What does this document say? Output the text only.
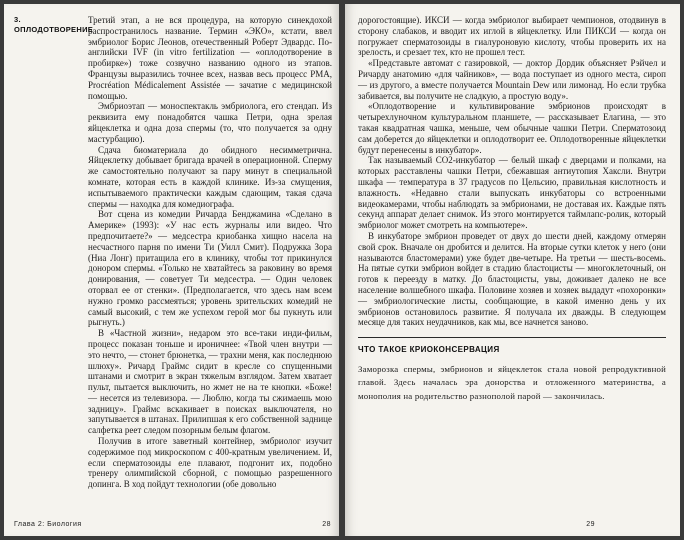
3.
ОПЛОДОТВОРЕНИЕ

Третий этап, а не вся процедура, на которую синекдохой распространилось название. Термин «ЭКО», кстати, ввел эмбриолог Борис Леонов, отечественный Роберт Эдвардс. По-английски IVF (in vitro fertilization — «оплодотворение в пробирке») тоже созвучно названию одного из этапов. Французы выразились точнее всех, назвав весь процесс PMA, Procréation Médicalement Assistée — зачатие с медицинской помощью.

Эмбриоэтап — моноспектакль эмбриолога, его стендап. Из реквизита ему понадобятся чашка Петри, одна зрелая яйцеклетка и одна доза спермы (то, что получается за одну мастурбацию).

Сдача биоматериала до обидного несимметрична. Яйцеклетку добывает бригада врачей в операционной. Сперму же самостоятельно получают за пару минут в специальной комнате, которая есть в каждой клинике. Из-за смущения, испытываемого практически каждым сдающим, такая сдача спермы — находка для комедиографа.

Вот сцена из комедии Ричарда Бенджамина «Сделано в Америке» (1993): «У нас есть журналы или видео. Что предпочитаете?» — медсестра криобанка хищно насела на несчастного парня по имени Ти (Уилл Смит). Подружка Зора (Ниа Лонг) притащила его в клинику, чтобы тот прикинулся донором спермы. «Только не хватайтесь за раковину во время донирования, — советует Ти медсестра. — Один человек оторвал ее от стенки». (Предполагается, что здесь нам всем нужно громко рассмеяться; уровень зрительских комедий не самый высокий, с тем же успехом герой мог бы пукнуть или рыгнуть.)

В «Частной жизни», недаром это все-таки инди-фильм, процесс показан тоньше и ироничнее: «Твой член внутри — это нечто, — стонет брюнетка, — трахни меня, как последнюю шлюху». Ричард Граймс сидит в кресле со спущенными штанами и смотрит в экран тяжелым взглядом. Затем хватает пульт, пытается выключить, но жмет не на те кнопки. «Боже! — несется из телевизора. — Люблю, когда ты сжимаешь мою задницу». Граймс вскакивает в поисках выключателя, но запутывается в штанах. Прилипшая к его собственной заднице салфетка реет следом позорным белым флагом.

Получив в итоге заветный контейнер, эмбриолог изучит содержимое под микроскопом с 400-кратным увеличением. И, если сперматозоиды еле плавают, подгонит их, подобно тренеру олимпийской сборной, с помощью разрешенного допинга. В ход пойдут технологии (обе довольно

Глава 2: Биология	28

дорогостоящие). ИКСИ — когда эмбриолог выбирает чемпионов, отодвинув в сторону слабаков, и вводит их иглой в яйцеклетку. Или ПИКСИ — когда он погружает сперматозоиды в гиалуроновую кислоту, чтобы проверить их на зрелость, и срезает тех, кто не прошел тест.

«Представьте автомат с газировкой, — доктор Дордик объясняет Рэйчел и Ричарду анатомию «для чайников», — вода поступает из одного места, сироп — из другого, а вместе получается Mountain Dew или лимонад. Но если трубка забивается, вы получите не сладкую, а простую воду».

«Оплодотворение и культивирование эмбрионов происходят в четырехлуночном культуральном планшете, — рассказывает Елагина, — это такая квадратная чашка, меньше, чем обычные чашки Петри. Сперматозоид сам доберется до яйцеклетки и оплодотворит ее. Оплодотворенные яйцеклетки будут перенесены в инкубатор».

Так называемый CO2-инкубатор — белый шкаф с дверцами и полками, на которых расставлены чашки Петри, сбежавшая антиутопия Хаксли. Внутри шкафа — температура в 37 градусов по Цельсию, правильная кислотность и влажность. «Недавно стали выпускать инкубаторы со встроенными видеокамерами, чтобы наблюдать за эмбрионами, не доставая их. Каждые пять секунд аппарат делает снимок. Из этого монтируется таймлапс-ролик, который эмбриолог может смотреть на компьютере».

В инкубаторе эмбрион проведет от двух до шести дней, каждому отмерян свой срок. Вначале он дробится и делится. На вторые сутки клеток у него (они называются бластомерами) уже будет две-четыре. На третьи — шесть-восемь. На пятые сутки эмбрион войдет в стадию бластоцисты — многоклеточный, он готов к переезду в матку. До бластоцисты, увы, доживает далеко не все население волшебного шкафа. Половине хозяев и хозяек выдадут «похоронки» — эмбриологические листы, сообщающие, в какой именно день у их эмбрионов остановилось развитие. Я получала их дважды. В следующем месяце для таких неудачников, как мы, все начнется заново.

ЧТО ТАКОЕ КРИОКОНСЕРВАЦИЯ

Заморозка спермы, эмбрионов и яйцеклеток стала новой репродуктивной главой. Здесь началась эра донорства и отложенного материнства, а монополия на родительство разнополой парой — закончилась.

29
